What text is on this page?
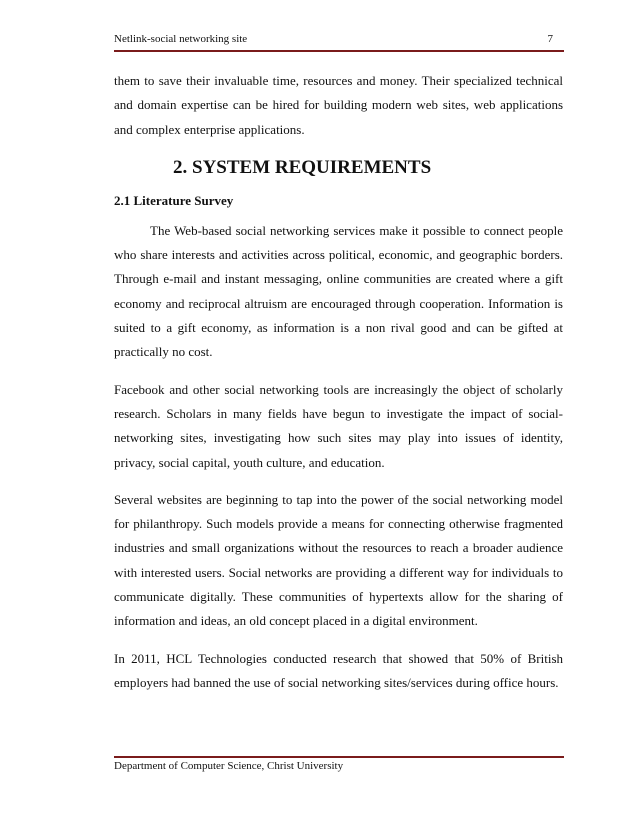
Netlink-social networking site	7

them to save their invaluable time, resources and money. Their specialized technical and domain expertise can be hired for building modern web sites, web applications and complex enterprise applications.

2. SYSTEM REQUIREMENTS
2.1 Literature Survey

The Web-based social networking services make it possible to connect people who share interests and activities across political, economic, and geographic borders. Through e-mail and instant messaging, online communities are created where a gift economy and reciprocal altruism are encouraged through cooperation. Information is suited to a gift economy, as information is a non rival good and can be gifted at practically no cost.

Facebook and other social networking tools are increasingly the object of scholarly research. Scholars in many fields have begun to investigate the impact of social-networking sites, investigating how such sites may play into issues of identity, privacy, social capital, youth culture, and education.

Several websites are beginning to tap into the power of the social networking model for philanthropy. Such models provide a means for connecting otherwise fragmented industries and small organizations without the resources to reach a broader audience with interested users. Social networks are providing a different way for individuals to communicate digitally. These communities of hypertexts allow for the sharing of information and ideas, an old concept placed in a digital environment.

In 2011, HCL Technologies conducted research that showed that 50% of British employers had banned the use of social networking sites/services during office hours.

Department of Computer Science, Christ University
